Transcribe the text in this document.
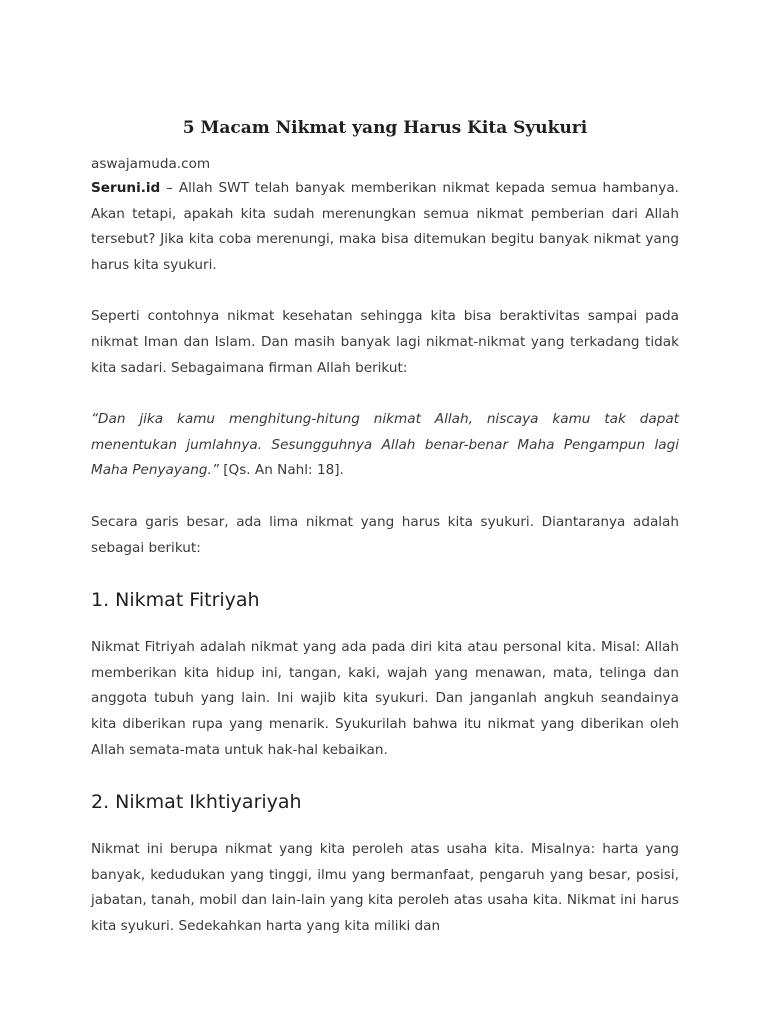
5 Macam Nikmat yang Harus Kita Syukuri
aswajamuda.com

Seruni.id – Allah SWT telah banyak memberikan nikmat kepada semua hambanya. Akan tetapi, apakah kita sudah merenungkan semua nikmat pemberian dari Allah tersebut? Jika kita coba merenungi, maka bisa ditemukan begitu banyak nikmat yang harus kita syukuri.

Seperti contohnya nikmat kesehatan sehingga kita bisa beraktivitas sampai pada nikmat Iman dan Islam. Dan masih banyak lagi nikmat-nikmat yang terkadang tidak kita sadari. Sebagaimana firman Allah berikut:

“Dan jika kamu menghitung-hitung nikmat Allah, niscaya kamu tak dapat menentukan jumlahnya. Sesungguhnya Allah benar-benar Maha Pengampun lagi Maha Penyayang.” [Qs. An Nahl: 18].

Secara garis besar, ada lima nikmat yang harus kita syukuri. Diantaranya adalah sebagai berikut:

1. Nikmat Fitriyah

Nikmat Fitriyah adalah nikmat yang ada pada diri kita atau personal kita. Misal: Allah memberikan kita hidup ini, tangan, kaki, wajah yang menawan, mata, telinga dan anggota tubuh yang lain. Ini wajib kita syukuri. Dan janganlah angkuh seandainya kita diberikan rupa yang menarik. Syukurilah bahwa itu nikmat yang diberikan oleh Allah semata-mata untuk hak-hal kebaikan.

2. Nikmat Ikhtiyariyah

Nikmat ini berupa nikmat yang kita peroleh atas usaha kita. Misalnya: harta yang banyak, kedudukan yang tinggi, ilmu yang bermanfaat, pengaruh yang besar, posisi, jabatan, tanah, mobil dan lain-lain yang kita peroleh atas usaha kita. Nikmat ini harus kita syukuri. Sedekahkan harta yang kita miliki dan
